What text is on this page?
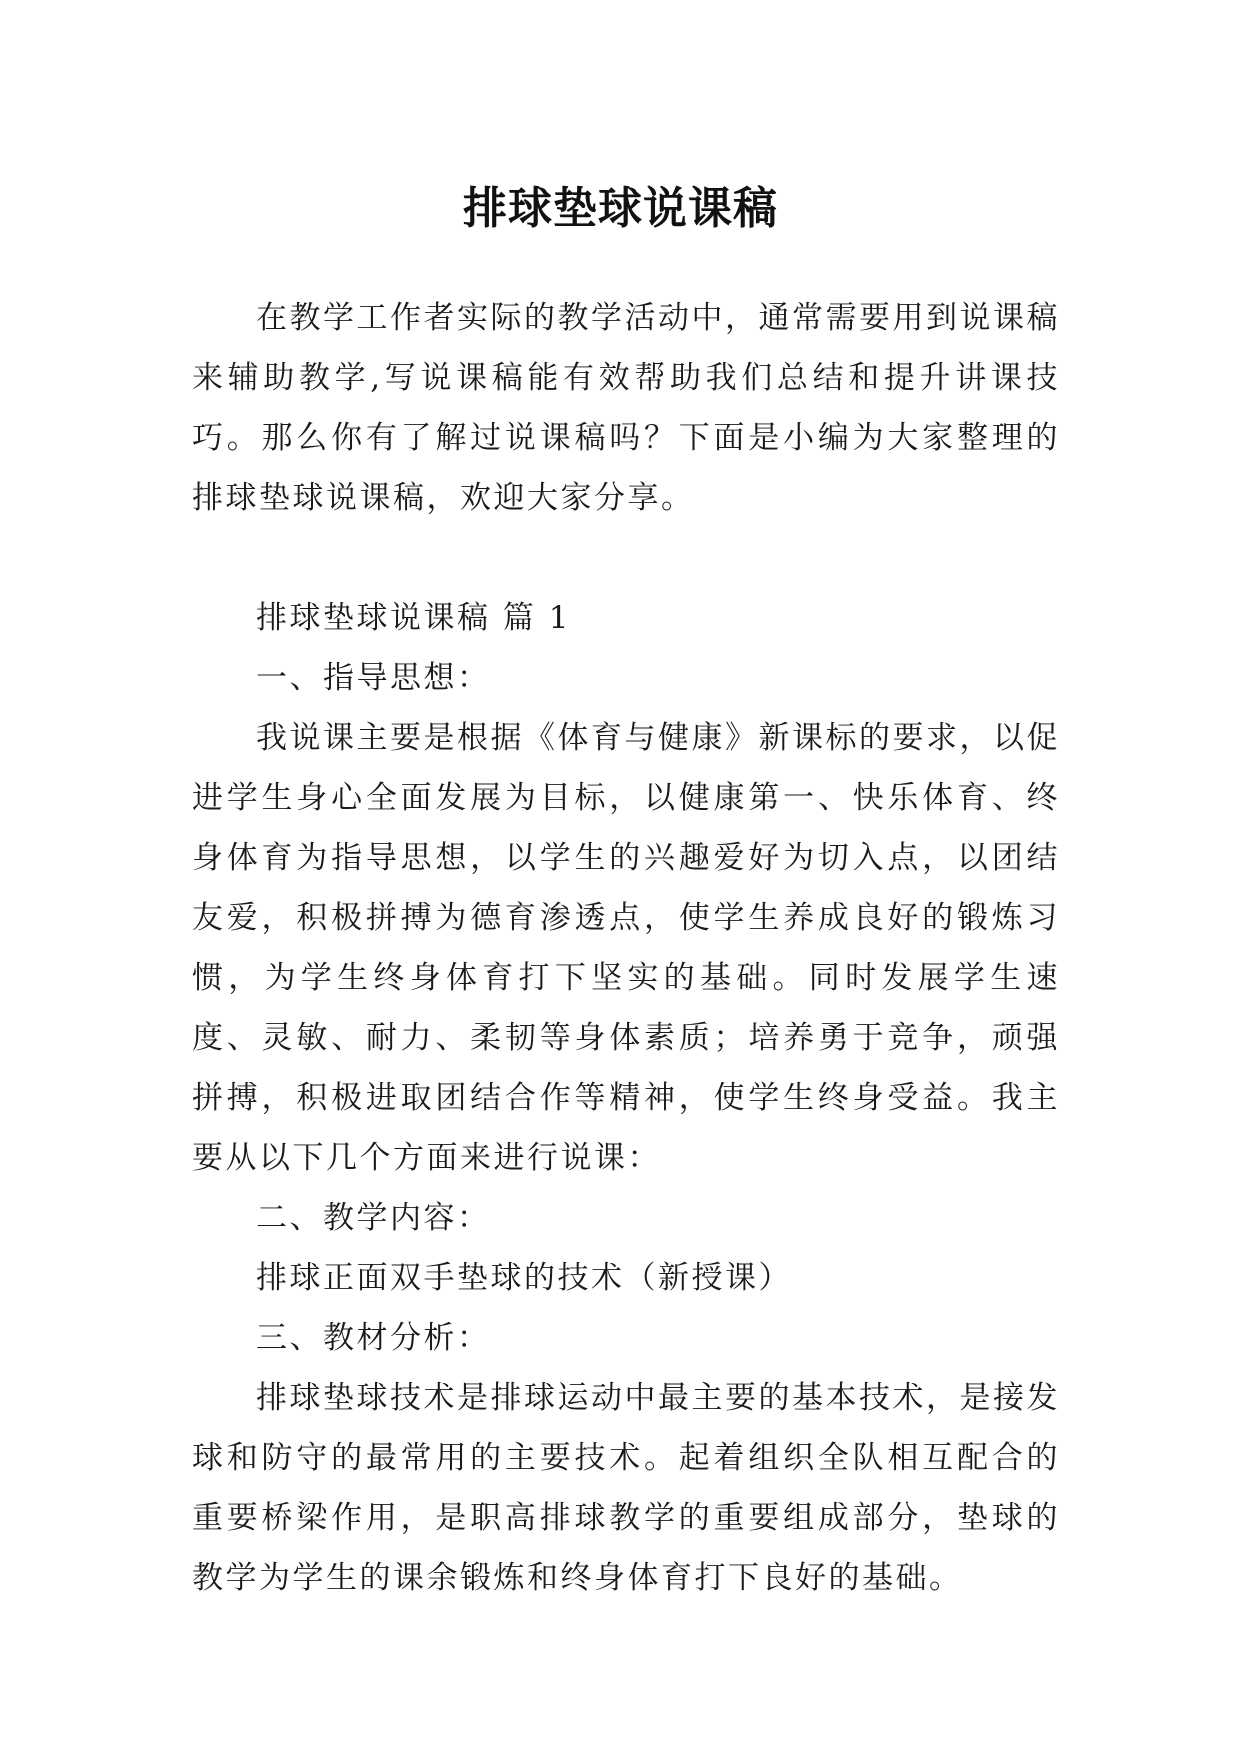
排球垫球说课稿

在教学工作者实际的教学活动中，通常需要用到说课稿来辅助教学,写说课稿能有效帮助我们总结和提升讲课技巧。那么你有了解过说课稿吗？下面是小编为大家整理的排球垫球说课稿，欢迎大家分享。

排球垫球说课稿 篇 1

一、指导思想：

我说课主要是根据《体育与健康》新课标的要求，以促进学生身心全面发展为目标，以健康第一、快乐体育、终身体育为指导思想，以学生的兴趣爱好为切入点，以团结友爱，积极拼搏为德育渗透点，使学生养成良好的锻炼习惯，为学生终身体育打下坚实的基础。同时发展学生速度、灵敏、耐力、柔韧等身体素质；培养勇于竞争，顽强拼搏，积极进取团结合作等精神，使学生终身受益。我主要从以下几个方面来进行说课：

二、教学内容：

排球正面双手垫球的技术（新授课）

三、教材分析：

排球垫球技术是排球运动中最主要的基本技术，是接发球和防守的最常用的主要技术。起着组织全队相互配合的重要桥梁作用，是职高排球教学的重要组成部分，垫球的教学为学生的课余锻炼和终身体育打下良好的基础。
